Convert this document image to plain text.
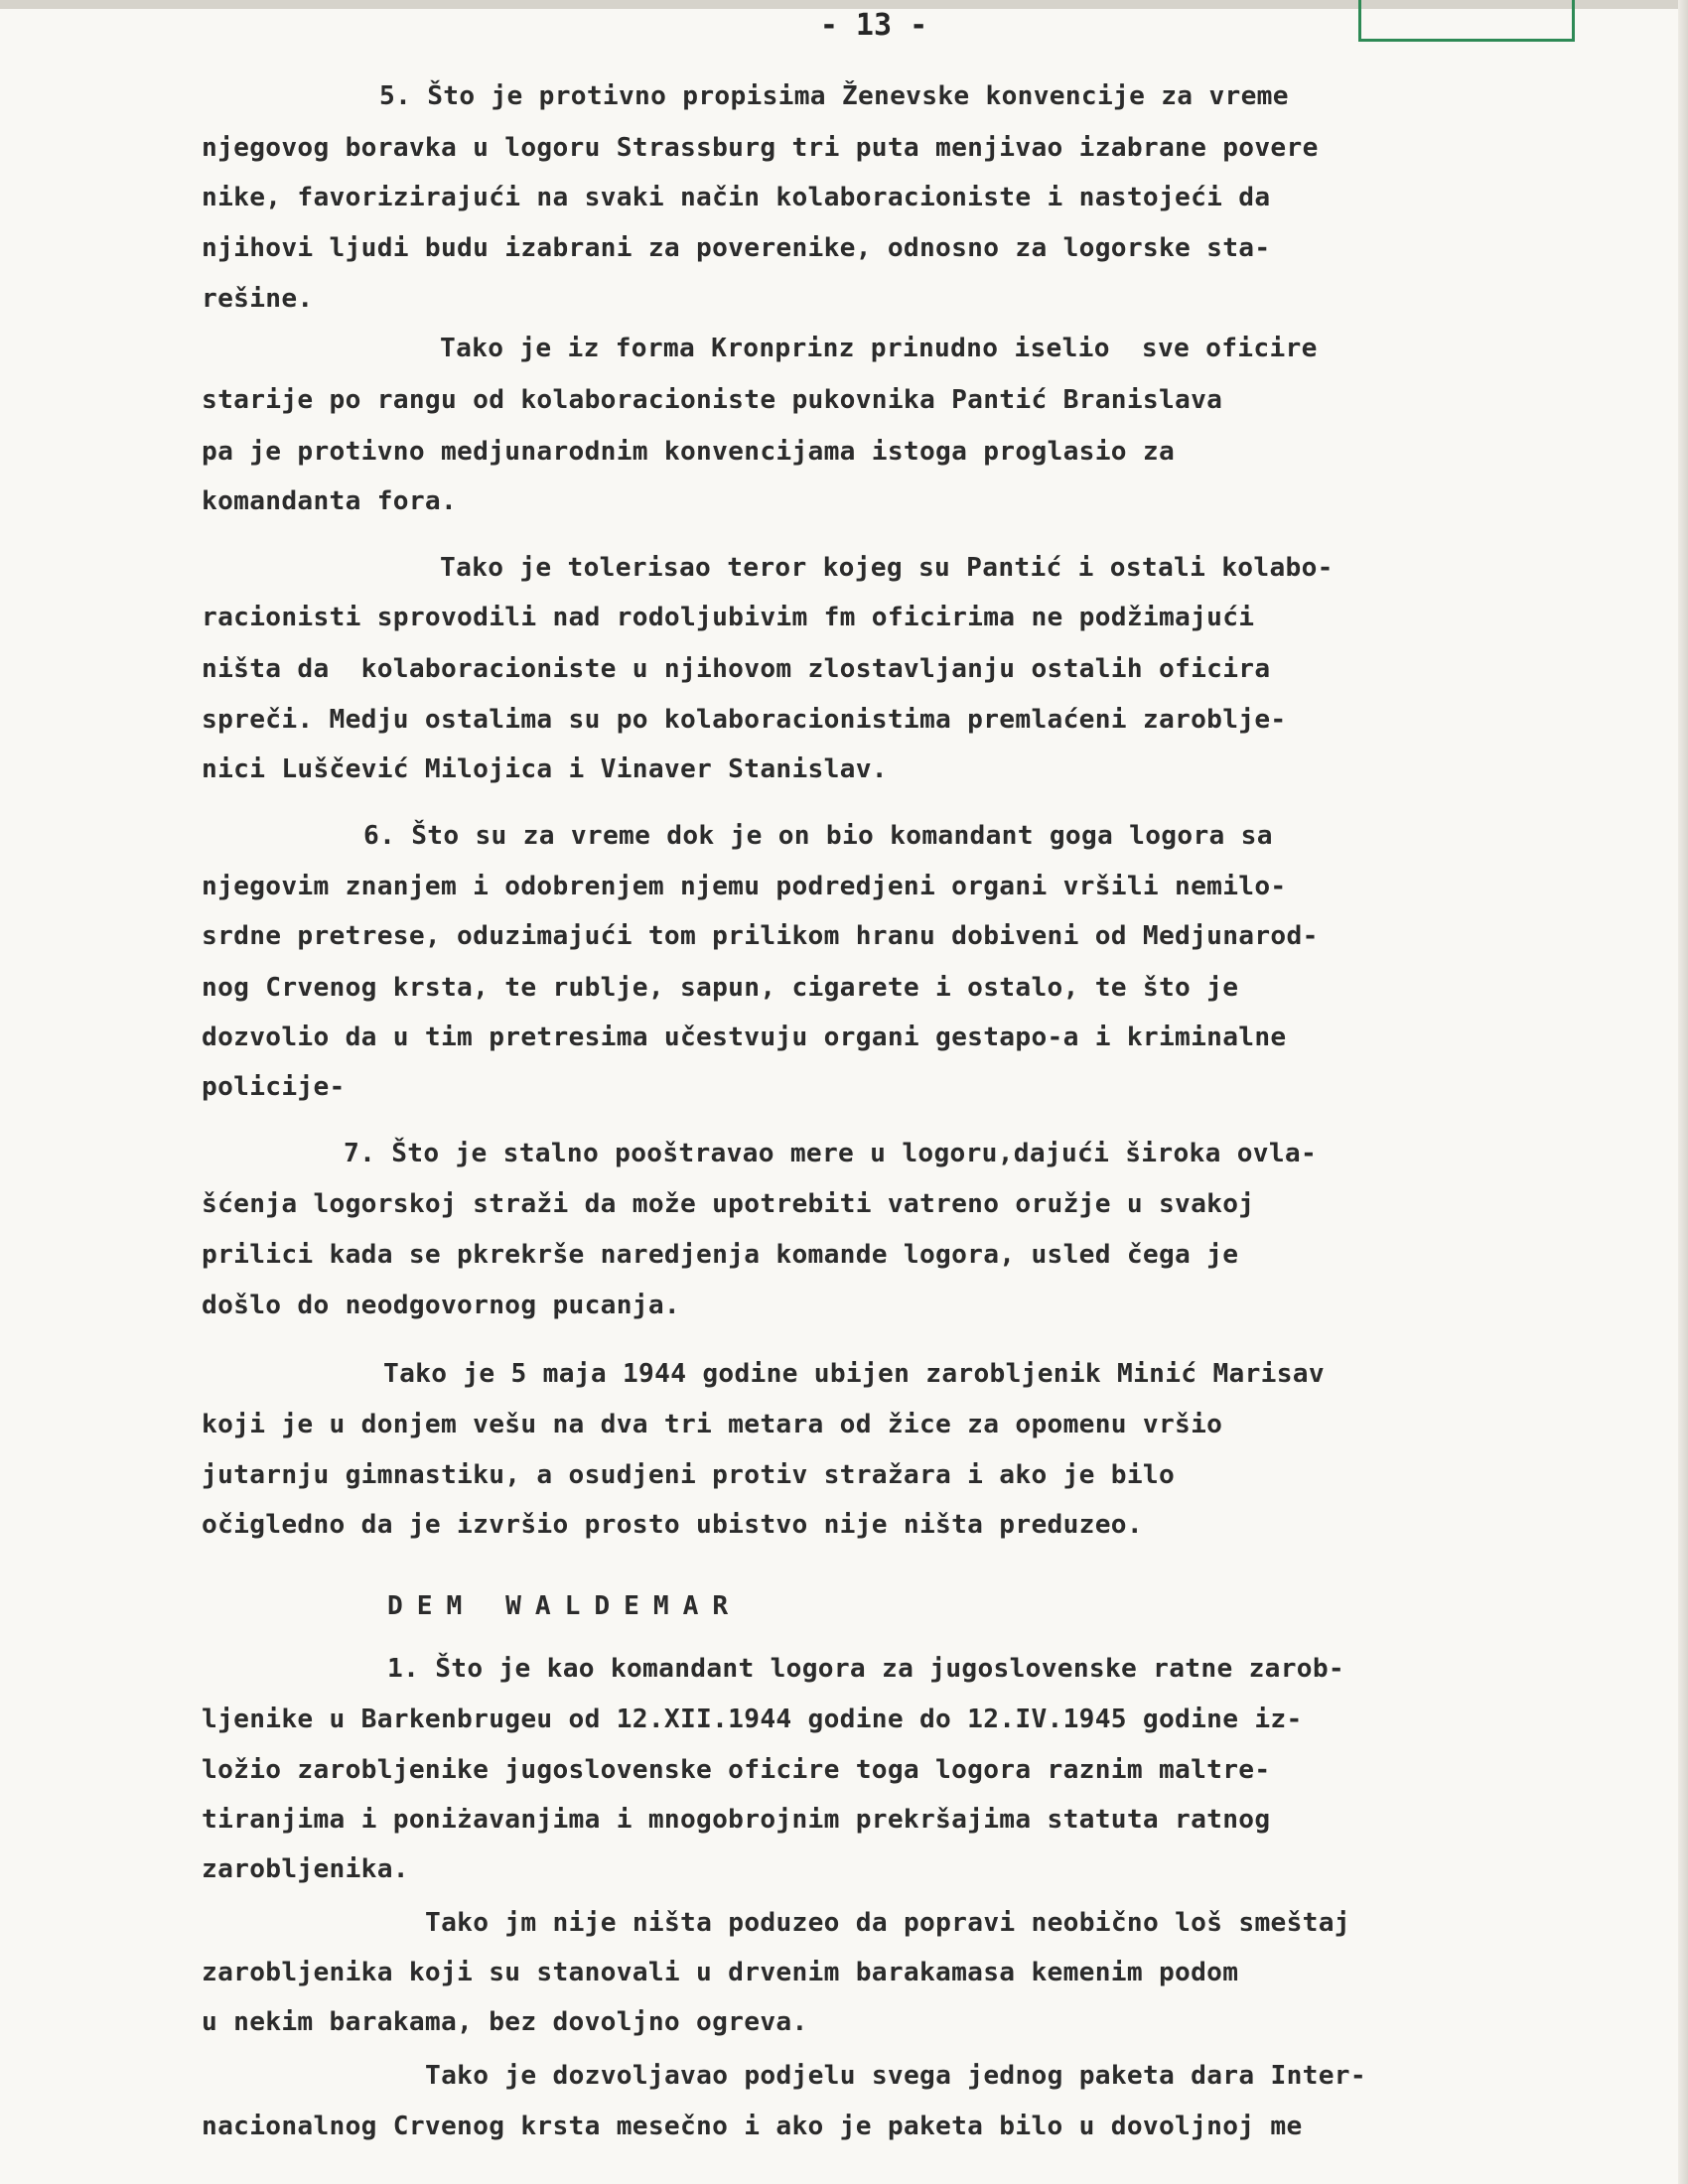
- 13 -
5. Što je protivno propisima Ženevske konvencije za vreme
njegovog boravka u logoru Strassburg tri puta menjivao izabrane povere
nike, favorizirajući na svaki način kolaboracioniste i nastojeći da
njihovi ljudi budu izabrani za poverenike, odnosno za logorske sta-
rešine.
Tako je iz forma Kronprinz prinudno iselio  sve oficire
starije po rangu od kolaboracioniste pukovnika Pantić Branislava
pa je protivno medjunarodnim konvencijama istoga proglasio za
komandanta fora.
Tako je tolerisao teror kojeg su Pantić i ostali kolabo-
racionisti sprovodili nad rodoljubivim fm oficirima ne podžimajući
ništa da  kolaboracioniste u njihovom zlostavljanju ostalih oficira
spreči. Medju ostalima su po kolaboracionistima premlaćeni zarobljе-
nici Luščević Milojica i Vinaver Stanislav.
6. Što su za vreme dok je on bio komandant goga logora sa
njegovim znanjem i odobrenjem njemu podredjeni organi vršili nemilo-
srdne pretrese, oduzimajući tom prilikom hranu dobiveni od Medjunarod-
nog Crvenog krsta, te rublje, sapun, cigarete i ostalo, te što je
dozvolio da u tim pretresima učestvuju organi gestapo-a i kriminalne
policije-
7. Što je stalno pooštravao mere u logoru,dajući široka ovla-
šćenja logorskoj straži da može upotrebiti vatreno oružje u svakoj
prilici kada se pkrekrše naredjenja komande logora, usled čega je
došlo do neodgovornog pucanja.
Tako je 5 maja 1944 godine ubijen zarobljenik Minić Marisav
koji je u donjem vešu na dva tri metara od žice za opomenu vršio
jutarnju gimnastiku, a osudjeni protiv stražara i ako je bilo
očigledno da je izvršio prosto ubistvo nije ništa preduzeo.
DEM WALDEMAR
1. Što je kao komandant logora za jugoslovenske ratne zarob-
ljenike u Barkenbrugeu od 12.XII.1944 godine do 12.IV.1945 godine iz-
ložio zarobljenike jugoslovenske oficire toga logora raznim maltre-
tiranjima i poniżavanjima i mnogobrojnim prekršajima statuta ratnog
zarobljenika.
Tako jm nije ništa poduzeo da popravi neobično loš smeštaj
zarobljenika koji su stanovali u drvenim barakamasa kemenim podom
u nekim barakama, bez dovoljno ogreva.
Tako je dozvoljavao podjelu svega jednog paketa dara Inter-
nacionalnog Crvenog krsta mesečno i ako je paketa bilo u dovoljnoj me
